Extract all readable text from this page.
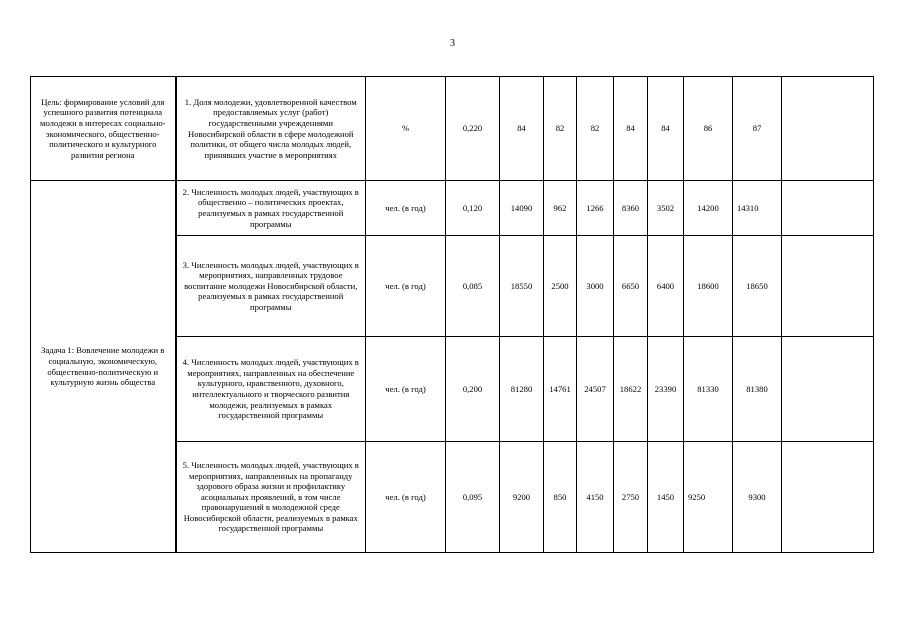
3
Цель: формирование условий для успешного развития потенциала молодежи в интересах социально-экономического, общественно-политического и культурного развития региона	1. Доля молодежи, удовлетворенной качеством предоставляемых услуг (работ) государственными учреждениями Новосибирской области в сфере молодежной политики, от общего числа молодых людей, принявших участие в мероприятиях	%	0,220	84	82	82	84	84	86	87	
Задача 1: Вовлечение молодежи в социальную, экономическую, общественно-политическую и культурную жизнь общества	2. Численность молодых людей, участвующих в общественно – политических проектах, реализуемых в рамках государственной программы	чел. (в год)	0,120	14090	962	1266	8360	3502	14200	14310	
	3. Численность молодых людей, участвующих в мероприятиях, направленных трудовое воспитание молодежи Новосибирской области, реализуемых в рамках государственной программы	чел. (в год)	0,085	18550	2500	3000	6650	6400	18600	18650	
	4. Численность молодых людей, участвующих в мероприятиях, направленных на обеспечение культурного, нравственного, духовного, интеллектуального и творческого развития молодежи, реализуемых в рамках государственной программы	чел. (в год)	0,200	81280	14761	24507	18622	23390	81330	81380	
	5. Численность молодых людей, участвующих в мероприятиях, направленных на пропаганду здорового образа жизни и профилактику асоциальных проявлений, в том числе правонарушений в молодежной среде Новосибирской области, реализуемых в рамках государственной программы	чел. (в год)	0,095	9200	850	4150	2750	1450	9250	9300	
